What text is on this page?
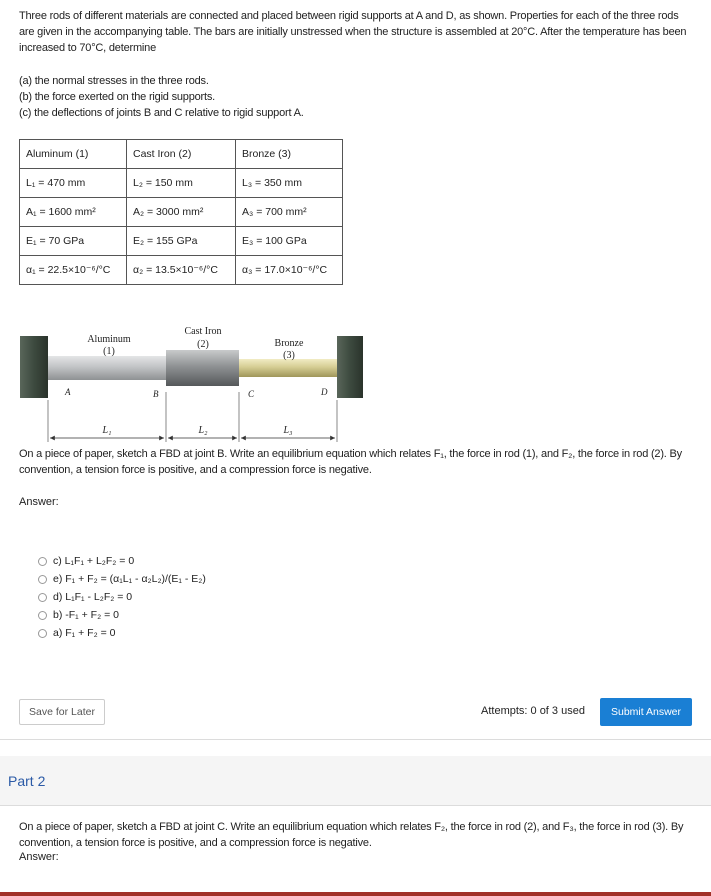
Three rods of different materials are connected and placed between rigid supports at A and D, as shown. Properties for each of the three rods are given in the accompanying table. The bars are initially unstressed when the structure is assembled at 20°C. After the temperature has been increased to 70°C, determine
(a) the normal stresses in the three rods.
(b) the force exerted on the rigid supports.
(c) the deflections of joints B and C relative to rigid support A.
Aluminum (1)	Cast Iron (2)	Bronze (3)
L₁ = 470 mm	L₂ = 150 mm	L₃ = 350 mm
A₁ = 1600 mm²	A₂ = 3000 mm²	A₃ = 700 mm²
E₁ = 70 GPa	E₂ = 155 GPa	E₃ = 100 GPa
α₁ = 22.5×10⁻⁶/°C	α₂ = 13.5×10⁻⁶/°C	α₃ = 17.0×10⁻⁶/°C
Aluminum
(1)
Cast Iron
(2)	Bronze
(3)
A	B	C	D
L₁	L₂	L₃
On a piece of paper, sketch a FBD at joint B. Write an equilibrium equation which relates F₁, the force in rod (1), and F₂, the force in rod (2). By convention, a tension force is positive, and a compression force is negative.
Answer:
c) L₁F₁ + L₂F₂ = 0
e) F₁ + F₂ = (α₁L₁ - α₂L₂)/(E₁ - E₂)
d) L₁F₁ - L₂F₂ = 0
b) -F₁ + F₂ = 0
a) F₁ + F₂ = 0
Save for Later	Attempts: 0 of 3 used	Submit Answer
Part 2
On a piece of paper, sketch a FBD at joint C. Write an equilibrium equation which relates F₂, the force in rod (2), and F₃, the force in rod (3). By convention, a tension force is positive, and a compression force is negative.
Answer:
